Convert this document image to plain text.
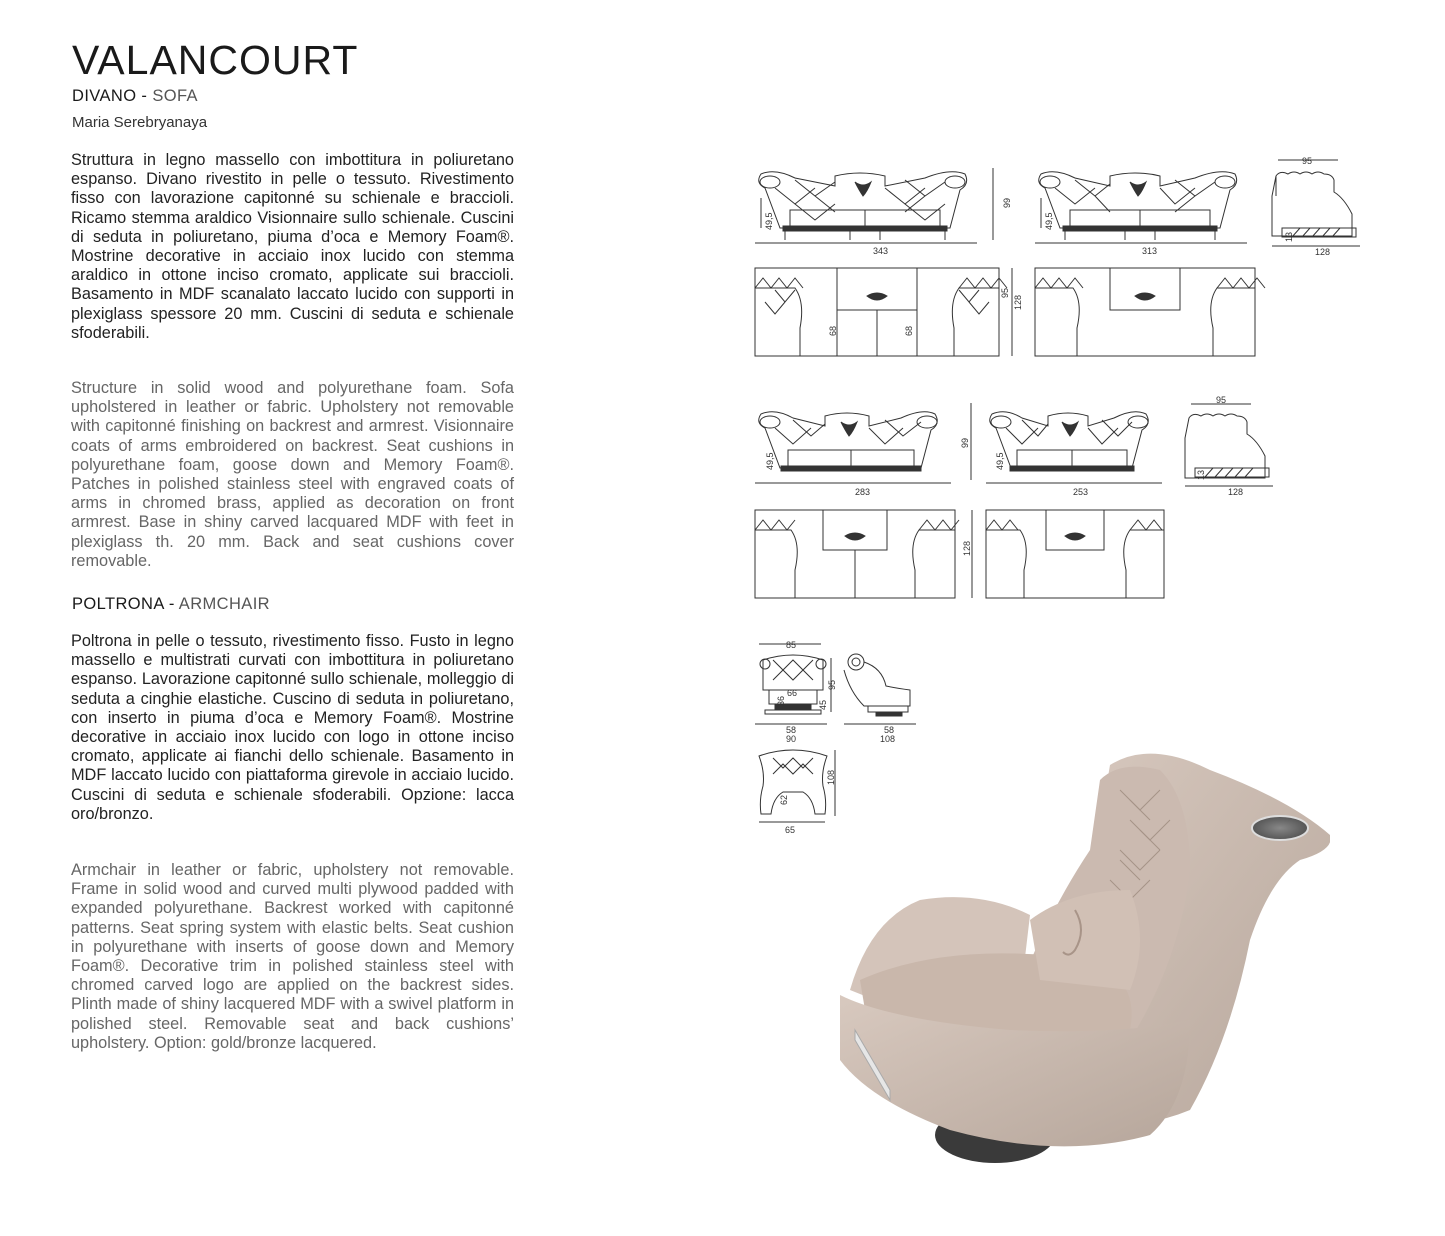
VALANCOURT
DIVANO - SOFA
Maria Serebryanaya

Struttura in legno massello con imbottitura in poliuretano espanso. Divano rivestito in pelle o tessuto. Rivestimento fisso con lavorazione capitonné su schienale e braccioli. Ricamo stemma araldico Visionnaire sullo schienale. Cuscini di seduta in poliuretano, piuma d’oca e Memory Foam®. Mostrine decorative in acciaio inox lucido con stemma araldico in ottone inciso cromato, applicate sui braccioli. Basamento in MDF scanalato laccato lucido con supporti in plexiglass spessore 20 mm. Cuscini di seduta e schienale sfoderabili.

Structure in solid wood and polyurethane foam. Sofa upholstered in leather or fabric. Upholstery not removable with capitonné finishing on backrest and armrest. Visionnaire coats of arms embroidered on backrest. Seat cushions in polyurethane foam, goose down and Memory Foam®. Patches in polished stainless steel with engraved coats of arms in chromed brass, applied as decoration on front armrest. Base in shiny carved lacquared MDF with feet in plexiglass th. 20 mm. Back and seat cushions cover removable.

POLTRONA - ARMCHAIR

Poltrona in pelle o tessuto, rivestimento fisso. Fusto in legno massello e multistrati curvati con imbottitura in poliuretano espanso. Lavorazione capitonné sullo schienale, molleggio di seduta a cinghie elastiche. Cuscino di seduta in poliuretano, con inserto in piuma d’oca e Memory Foam®. Mostrine decorative in acciaio inox lucido con logo in ottone inciso cromato, applicate ai fianchi dello schienale. Basamento in MDF laccato lucido con piattaforma girevole in acciaio lucido. Cuscini di seduta e schienale sfoderabili. Opzione: lacca oro/bronzo.

Armchair in leather or fabric, upholstery not removable. Frame in solid wood and curved multi plywood padded with expanded polyurethane. Backrest worked with capitonné patterns. Seat spring system with elastic belts. Seat cushion in polyurethane with inserts of goose down and Memory Foam®. Decorative trim in polished stainless steel with chromed carved logo are applied on the backrest sides. Plinth made of shiny lacquered MDF with a swivel platform in polished steel. Removable seat and back cushions’ upholstery. Option: gold/bronze lacquered.

343
49,5
99
313
49,5
95
128
13
68	68
95
128
283
49,5
99
253
49,5
95
128
13
128
85
58
90
66
36	45
95
58
108
108
62
65
